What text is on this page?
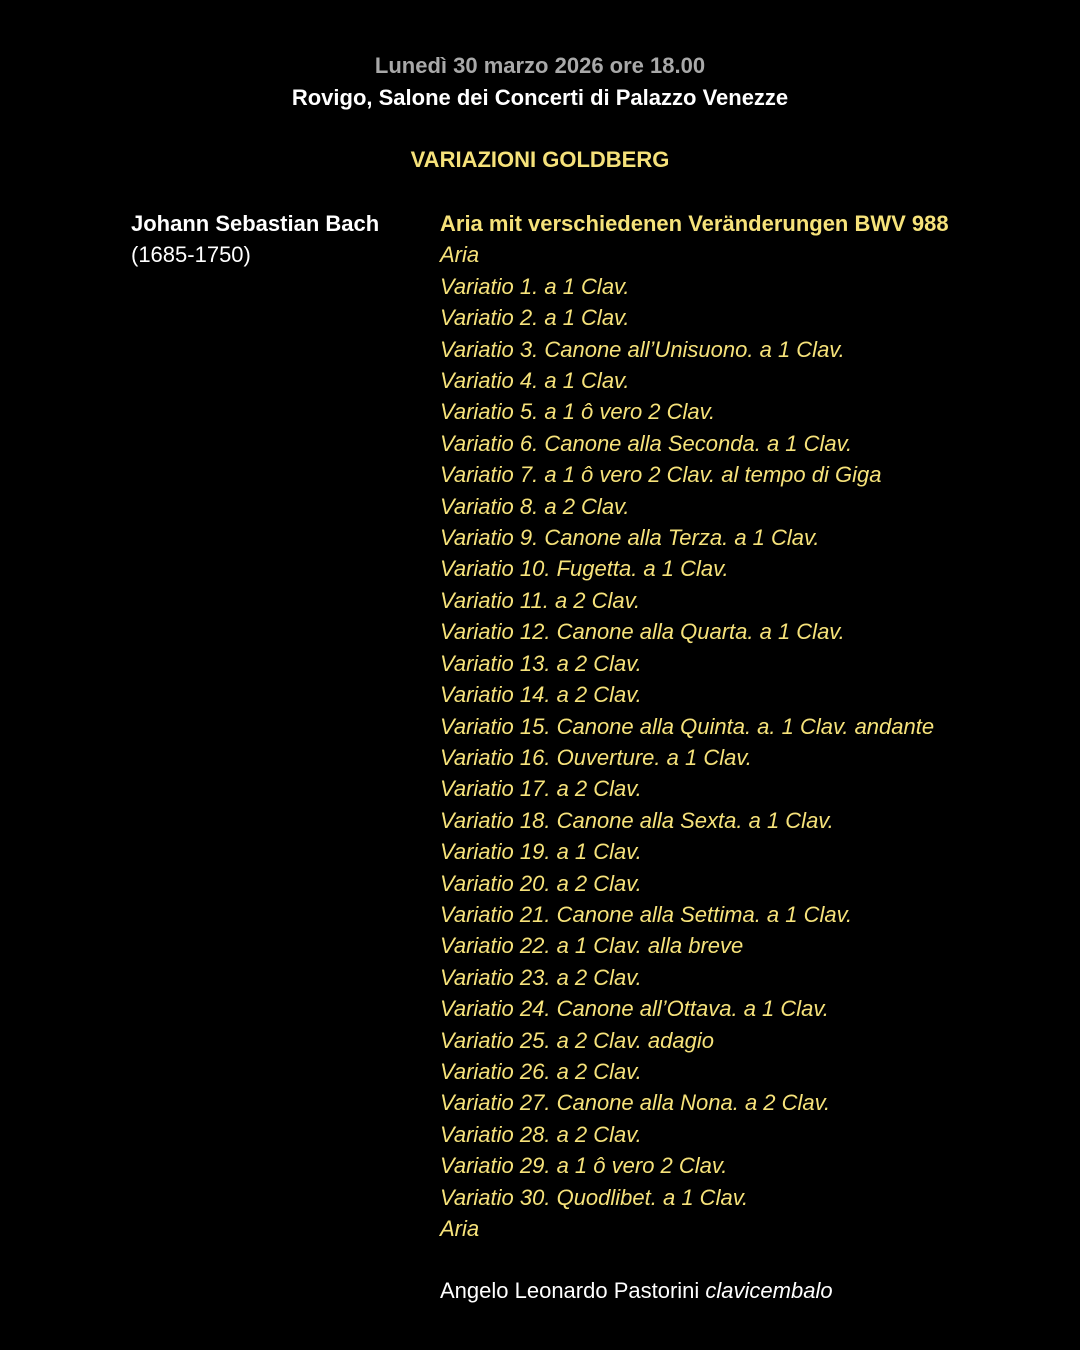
Lunedì 30 marzo 2026 ore 18.00
Rovigo, Salone dei Concerti di Palazzo Venezze
VARIAZIONI GOLDBERG
Johann Sebastian Bach
(1685-1750)
Aria mit verschiedenen Veränderungen BWV 988
Aria
Variatio 1. a 1 Clav.
Variatio 2. a 1 Clav.
Variatio 3. Canone all’Unisuono. a 1 Clav.
Variatio 4. a 1 Clav.
Variatio 5. a 1 ô vero 2 Clav.
Variatio 6. Canone alla Seconda. a 1 Clav.
Variatio 7. a 1 ô vero 2 Clav. al tempo di Giga
Variatio 8. a 2 Clav.
Variatio 9. Canone alla Terza. a 1 Clav.
Variatio 10. Fugetta. a 1 Clav.
Variatio 11. a 2 Clav.
Variatio 12. Canone alla Quarta. a 1 Clav.
Variatio 13. a 2 Clav.
Variatio 14. a 2 Clav.
Variatio 15. Canone alla Quinta. a. 1 Clav. andante
Variatio 16. Ouverture. a 1 Clav.
Variatio 17. a 2 Clav.
Variatio 18. Canone alla Sexta. a 1 Clav.
Variatio 19. a 1 Clav.
Variatio 20. a 2 Clav.
Variatio 21. Canone alla Settima. a 1 Clav.
Variatio 22. a 1 Clav. alla breve
Variatio 23. a 2 Clav.
Variatio 24. Canone all’Ottava. a 1 Clav.
Variatio 25. a 2 Clav. adagio
Variatio 26. a 2 Clav.
Variatio 27. Canone alla Nona. a 2 Clav.
Variatio 28. a 2 Clav.
Variatio 29. a 1 ô vero 2 Clav.
Variatio 30. Quodlibet. a 1 Clav.
Aria
Angelo Leonardo Pastorini clavicembalo
